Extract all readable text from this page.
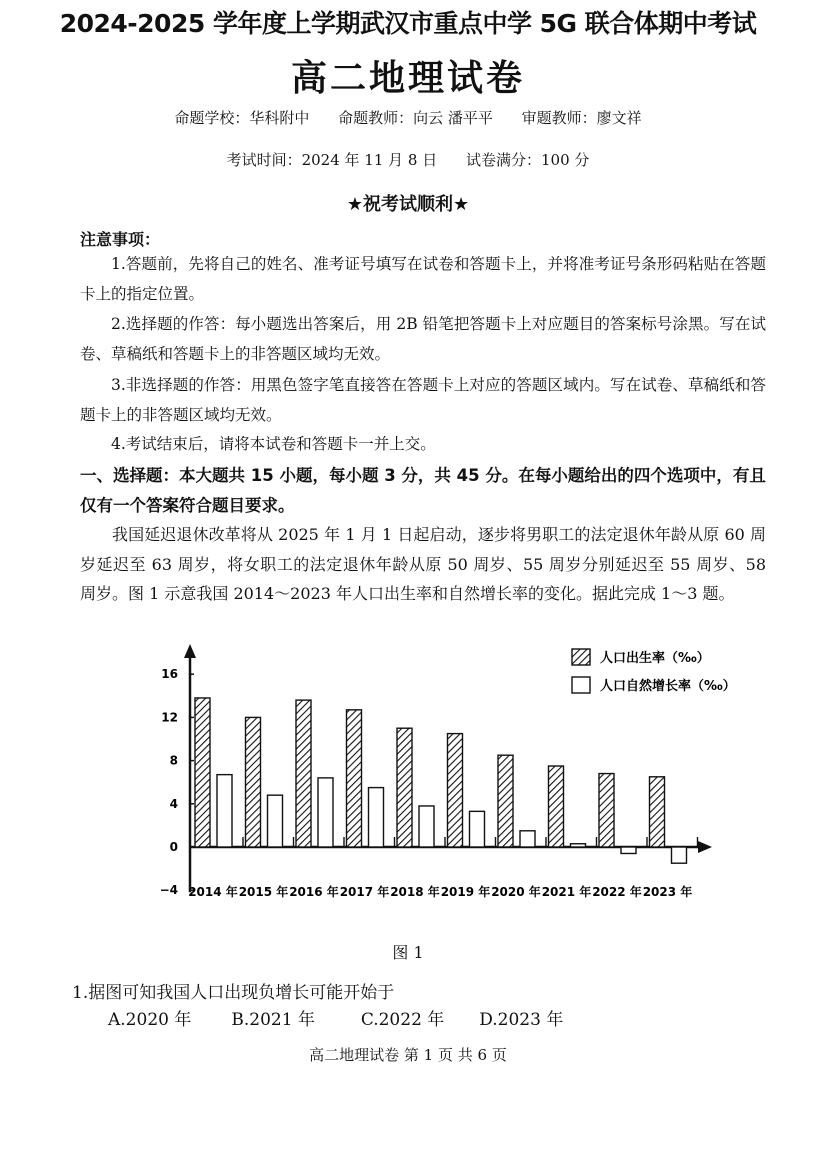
2024-2025 学年度上学期武汉市重点中学 5G 联合体期中考试
高二地理试卷
命题学校：华科附中 命题教师：向云 潘平平 审题教师：廖文祥
考试时间：2024 年 11 月 8 日 试卷满分：100 分
★祝考试顺利★
注意事项：
1.答题前，先将自己的姓名、准考证号填写在试卷和答题卡上，并将准考证号条形码粘贴在答题卡上的指定位置。
2.选择题的作答：每小题选出答案后，用 2B 铅笔把答题卡上对应题目的答案标号涂黑。写在试卷、草稿纸和答题卡上的非答题区域均无效。
3.非选择题的作答：用黑色签字笔直接答在答题卡上对应的答题区域内。写在试卷、草稿纸和答题卡上的非答题区域均无效。
4.考试结束后，请将本试卷和答题卡一并上交。
一、选择题：本大题共 15 小题，每小题 3 分，共 45 分。在每小题给出的四个选项中，有且仅有一个答案符合题目要求。
我国延迟退休改革将从 2025 年 1 月 1 日起启动，逐步将男职工的法定退休年龄从原 60 周岁延迟至 63 周岁，将女职工的法定退休年龄从原 50 周岁、55 周岁分别延迟至 55 周岁、58 周岁。图 1 示意我国 2014～2023 年人口出生率和自然增长率的变化。据此完成 1～3 题。
−4
0
4
8
12
16
2014 年 2015 年 2016 年 2017 年 2018 年 2019 年 2020 年 2021 年 2022 年 2023 年
人口出生率（‰）
人口自然增长率（‰）
图 1
1.据图可知我国人口出现负增长可能开始于
A.2020 年 B.2021 年	C.2022 年 D.2023 年
高二地理试卷 第 1 页 共 6 页
